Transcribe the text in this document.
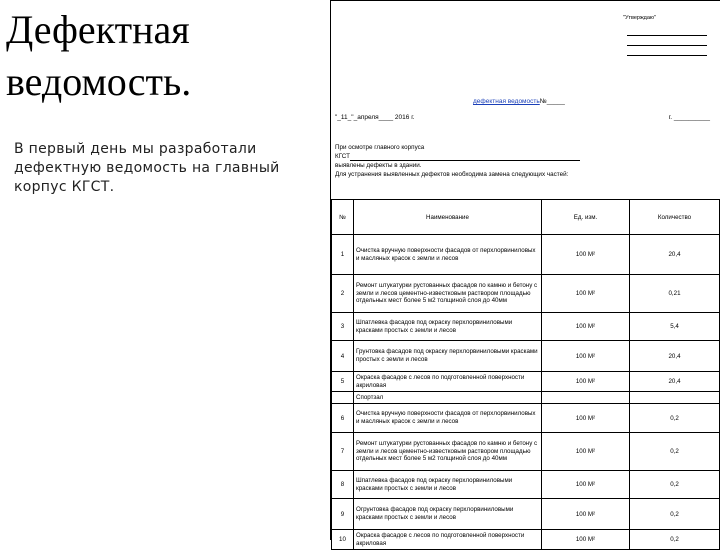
Дефектная
ведомость.
В первый день мы разработали дефектную ведомость на главный корпус КГСТ.
"Утверждаю"
дефектная ведомость№_____
"_11_"_апреля____ 2016 г.	г. __________
При осмотре главного корпуса
КГСТ
выявлены дефекты в здании.
Для устранения выявленных дефектов необходима замена следующих частей:
№	Наименование	Ед. изм.	Количество
1	Очистка вручную поверхности фасадов от перхлорвиниловых и масляных красок с земли и лесов	100 М²	20,4
2	Ремонт штукатурки рустованных фасадов по камню и бетону с земли и лесов цементно-известковым раствором площадью отдельных мест более 5 м2 толщиной слоя до 40мм	100 М²	0,21
3	Шпатлевка фасадов под окраску перхлорвиниловыми красками простых с земли и лесов	100 М²	5,4
4	Грунтовка фасадов под окраску перхлорвиниловыми красками простых с земли и лесов	100 М²	20,4
5	Окраска фасадов с лесов по подготовленной поверхности акриловая	100 М²	20,4
	Спортзал		
6	Очистка вручную поверхности фасадов от перхлорвиниловых и масляных красок с земли и лесов	100 М²	0,2
7	Ремонт штукатурки рустованных фасадов по камню и бетону с земли и лесов цементно-известковым раствором площадью отдельных мест более 5 м2 толщиной слоя до 40мм	100 М²	0,2
8	Шпатлевка фасадов под окраску перхлорвиниловыми красками простых с земли и лесов	100 М²	0,2
9	Огрунтовка фасадов под окраску перхлорвиниловыми красками простых с земли и лесов	100 М²	0,2
10	Окраска фасадов с лесов по подготовленной поверхности акриловая	100 М²	0,2
